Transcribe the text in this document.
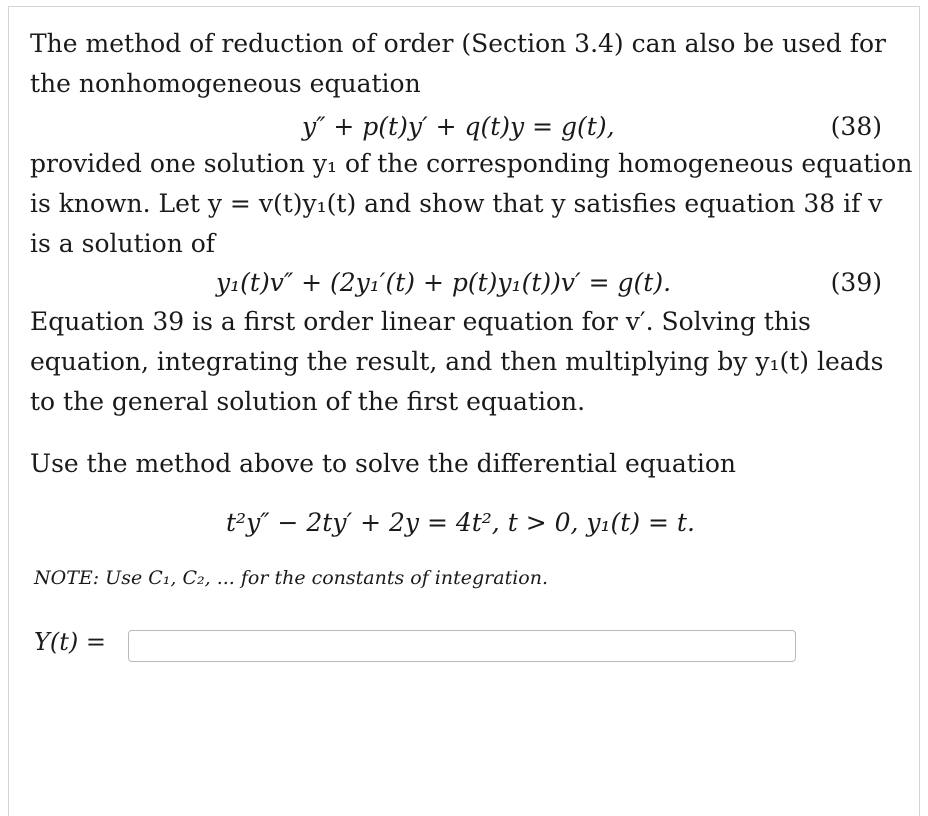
The method of reduction of order (Section 3.4) can also be used for
the nonhomogeneous equation
y″ + p(t)y′ + q(t)y = g(t),	(38)
provided one solution y₁ of the corresponding homogeneous equation
is known. Let y = v(t)y₁(t) and show that y satisfies equation 38 if v
is a solution of
y₁(t)v″ + (2y₁′(t) + p(t)y₁(t))v′ = g(t).	(39)
Equation 39 is a first order linear equation for v′. Solving this
equation, integrating the result, and then multiplying by y₁(t) leads
to the general solution of the first equation.
Use the method above to solve the differential equation
t²y″ − 2ty′ + 2y = 4t², t > 0, y₁(t) = t.
NOTE: Use C₁, C₂, ... for the constants of integration.
Y(t) =
